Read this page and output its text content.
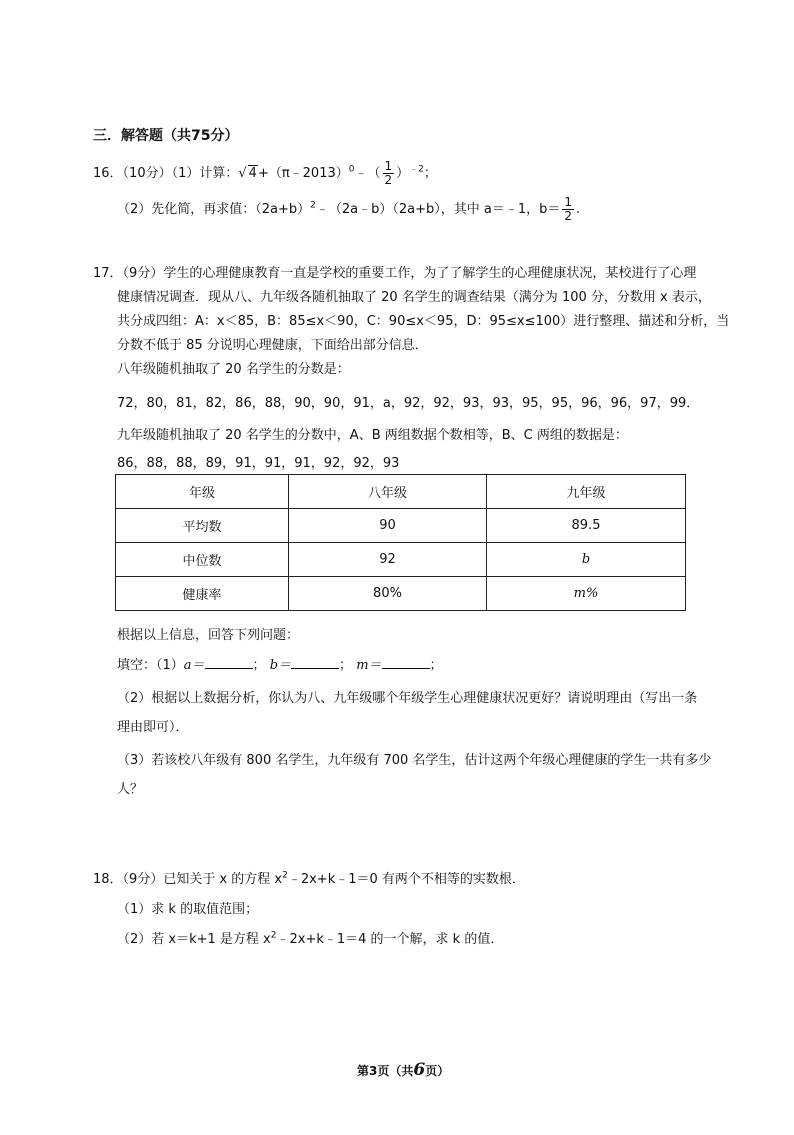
三．解答题（共75分）
16．（10分）（1）计算：√ 4+（π﹣2013）$^0$﹣（ $\frac{1}{2} )^{﹣2}$；
（2）先化简，再求值：$(2a+b)^2﹣(2a﹣b)(2a+b)$，其中 a＝﹣1，$b= \frac{1}{2}$ .
17．（9分）学生的心理健康教育一直是学校的重要工作，为了了解学生的心理健康状况，某校进行了心理
健康情况调查．现从八、九年级各随机抽取了 20 名学生的调查结果（满分为 100 分，分数用 x 表示，
共分成四组：A：x＜85，B：85≤x＜90，C：90≤x＜95，D：95≤x≤100）进行整理、描述和分析，当
分数不低于 85 分说明心理健康，下面给出部分信息．
八年级随机抽取了 20 名学生的分数是：
72，80，81，82，86，88，90，90，91，a，92，92，93，93，95，95，96，96，97，99．
九年级随机抽取了 20 名学生的分数中，A、B 两组数据个数相等，B、C 两组的数据是：
86，88，88，89，91，91，91，92，92，93
年级	八年级	九年级
平均数	90	89.5
中位数	92	b
健康率	80%	m%
根据以上信息，回答下列问题：
填空：（1）a＝	； b＝	； m＝	；
（2）根据以上数据分析，你认为八、九年级哪个年级学生心理健康状况更好？请说明理由（写出一条
理由即可）．
（3）若该校八年级有 800 名学生，九年级有 700 名学生，估计这两个年级心理健康的学生一共有多少
人？
18．（9分）已知关于 x 的方程 $x^2﹣2x+k﹣1=0$ 有两个不相等的实数根．
（1）求 k 的取值范围；
（2）若 x＝k+1 是方程 $x^2﹣2x+k﹣1=4$ 的一个解，求 k 的值．
第3页（共6页）
